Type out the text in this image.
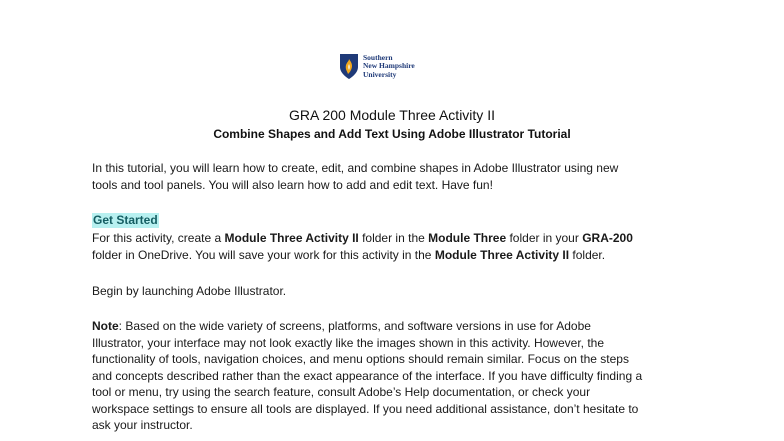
Southern
New Hampshire
University
GRA 200 Module Three Activity II
Combine Shapes and Add Text Using Adobe Illustrator Tutorial
In this tutorial, you will learn how to create, edit, and combine shapes in Adobe Illustrator using new
tools and tool panels. You will also learn how to add and edit text. Have fun!
Get Started
For this activity, create a Module Three Activity II folder in the Module Three folder in your GRA-200
folder in OneDrive. You will save your work for this activity in the Module Three Activity II folder.
Begin by launching Adobe Illustrator.
Note: Based on the wide variety of screens, platforms, and software versions in use for Adobe
Illustrator, your interface may not look exactly like the images shown in this activity. However, the
functionality of tools, navigation choices, and menu options should remain similar. Focus on the steps
and concepts described rather than the exact appearance of the interface. If you have difficulty finding a
tool or menu, try using the search feature, consult Adobe’s Help documentation, or check your
workspace settings to ensure all tools are displayed. If you need additional assistance, don’t hesitate to
ask your instructor.
